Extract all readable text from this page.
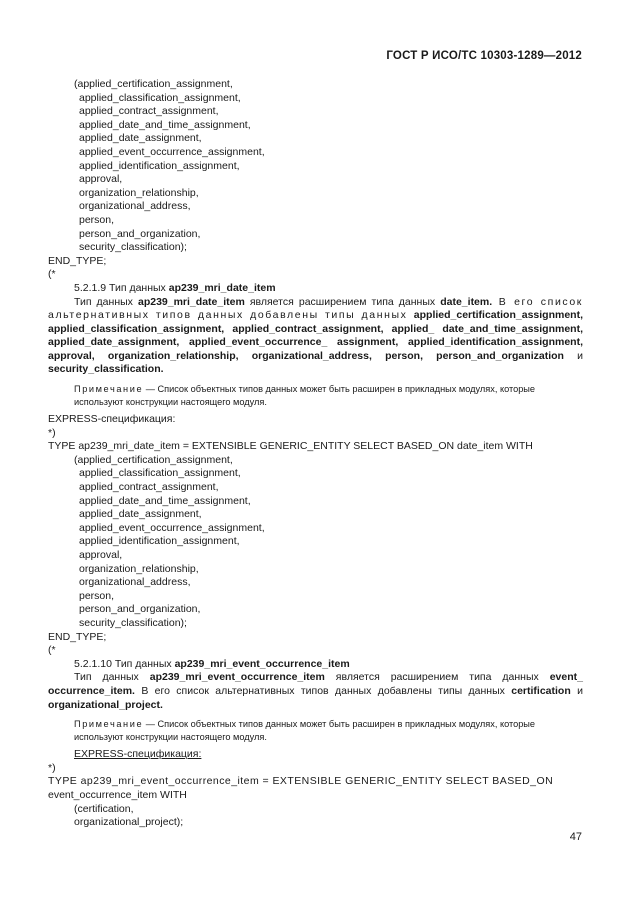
ГОСТ Р ИСО/ТС 10303-1289—2012
(applied_certification_assignment,
applied_classification_assignment,
applied_contract_assignment,
applied_date_and_time_assignment,
applied_date_assignment,
applied_event_occurrence_assignment,
applied_identification_assignment,
approval,
organization_relationship,
organizational_address,
person,
person_and_organization,
security_classification);
END_TYPE;
(*
5.2.1.9 Тип данных ap239_mri_date_item
Тип данных ap239_mri_date_item является расширением типа данных date_item. В его список альтернативных типов данных добавлены типы данных applied_certification_assignment, applied_classification_assignment, applied_contract_assignment, applied_ date_and_time_assignment, applied_date_assignment, applied_event_occurrence_ assignment, applied_identification_assignment, approval, organization_relationship, organizational_address, person, person_and_organization и security_classification.
Примечание — Список объектных типов данных может быть расширен в прикладных модулях, которые используют конструкции настоящего модуля.
EXPRESS-спецификация:
*)
TYPE ap239_mri_date_item = EXTENSIBLE GENERIC_ENTITY SELECT BASED_ON date_item WITH
(applied_certification_assignment,
applied_classification_assignment,
applied_contract_assignment,
applied_date_and_time_assignment,
applied_date_assignment,
applied_event_occurrence_assignment,
applied_identification_assignment,
approval,
organization_relationship,
organizational_address,
person,
person_and_organization,
security_classification);
END_TYPE;
(*
5.2.1.10 Тип данных ap239_mri_event_occurrence_item
Тип данных ap239_mri_event_occurrence_item является расширением типа данных event_ occurrence_item. В его список альтернативных типов данных добавлены типы данных certification и organizational_project.
Примечание — Список объектных типов данных может быть расширен в прикладных модулях, которые используют конструкции настоящего модуля.
EXPRESS-спецификация:
*)
TYPE ap239_mri_event_occurrence_item = EXTENSIBLE GENERIC_ENTITY SELECT BASED_ON
event_occurrence_item WITH
(certification,
organizational_project);
47
